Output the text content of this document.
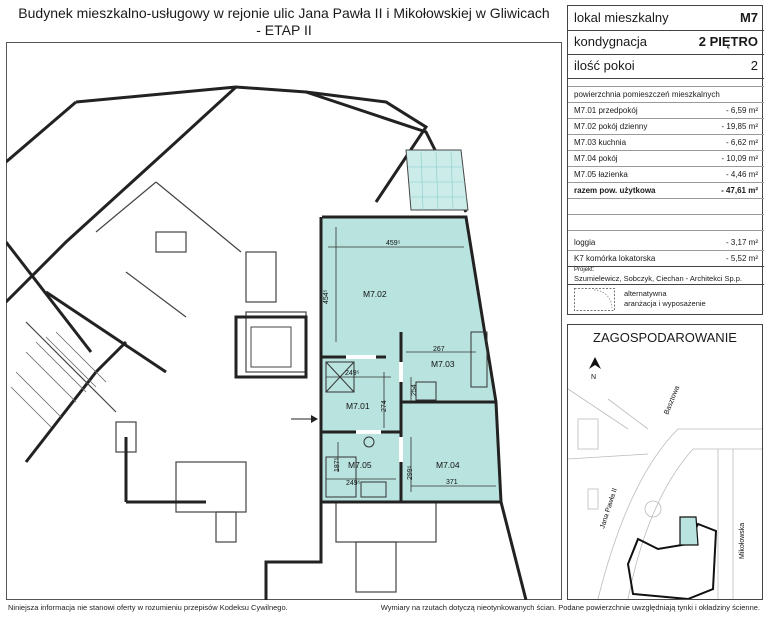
Budynek mieszkalno-usługowy w rejonie ulic Jana Pawła II i Mikołowskiej w Gliwicach
- ETAP II
M7.02
M7.03
M7.01
M7.05	M7.04
459⁵
454⁵
267
254
249⁵
274
187⁵
299⁵
249⁵	371
lokal mieszkalny	M7
kondygnacja	2 PIĘTRO
ilość pokoi	2
powierzchnia pomieszczeń mieszkalnych
M7.01 przedpokój	- 6,59 m²
M7.02 pokój dzienny	- 19,85 m²
M7.03 kuchnia	- 6,62 m²
M7.04 pokój	- 10,09 m²
M7.05 łazienka	- 4,46 m²
razem pow. użytkowa	- 47,61 m²
loggia	- 3,17 m²
K7 komórka lokatorska	- 5,52 m²
Projekt:
Szumielewicz, Sobczyk, Ciechan - Architekci Sp.p.
alternatywna
aranżacja i wyposażenie
ZAGOSPODAROWANIE
N
Basztowa
Jana Pawła II
Mikołowska
Niniejsza informacja nie stanowi oferty w rozumieniu przepisów Kodeksu Cywilnego.	Wymiary na rzutach dotyczą nieotynkowanych ścian. Podane powierzchnie uwzględniają tynki i okładziny ścienne.
